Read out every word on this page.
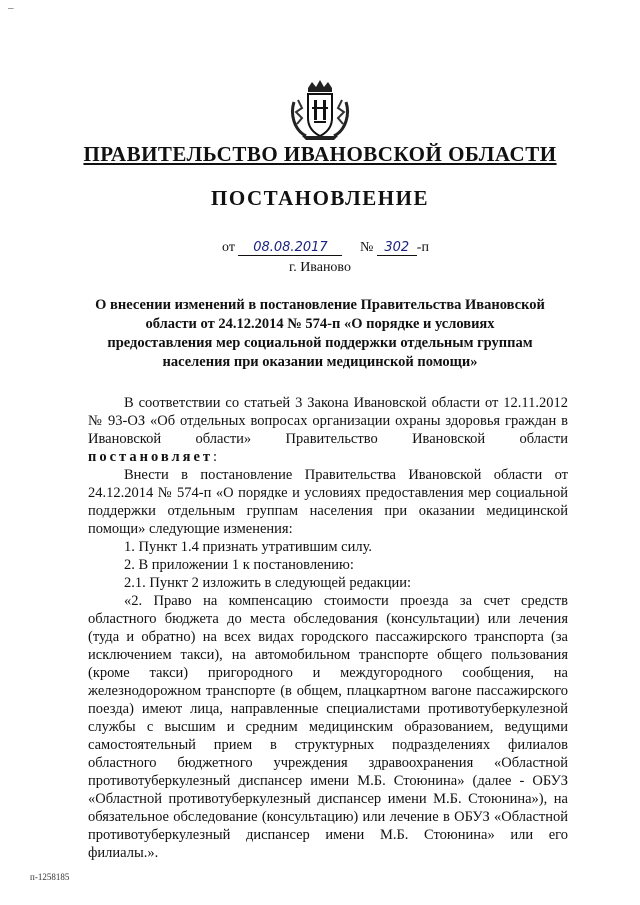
–
ПРАВИТЕЛЬСТВО ИВАНОВСКОЙ ОБЛАСТИ
ПОСТАНОВЛЕНИЕ
от 08.08.2017 № 302 -п
г. Иваново
О внесении изменений в постановление Правительства Ивановской области от 24.12.2014 № 574-п «О порядке и условиях предоставления мер социальной поддержки отдельным группам населения при оказании медицинской помощи»

В соответствии со статьей 3 Закона Ивановской области от 12.11.2012 № 93-ОЗ «Об отдельных вопросах организации охраны здоровья граждан в Ивановской области» Правительство Ивановской области постановляет:

Внести в постановление Правительства Ивановской области от 24.12.2014 № 574-п «О порядке и условиях предоставления мер социальной поддержки отдельным группам населения при оказании медицинской помощи» следующие изменения:

1. Пункт 1.4 признать утратившим силу.

2. В приложении 1 к постановлению:

2.1. Пункт 2 изложить в следующей редакции:

«2. Право на компенсацию стоимости проезда за счет средств областного бюджета до места обследования (консультации) или лечения (туда и обратно) на всех видах городского пассажирского транспорта (за исключением такси), на автомобильном транспорте общего пользования (кроме такси) пригородного и междугородного сообщения, на железнодорожном транспорте (в общем, плацкартном вагоне пассажирского поезда) имеют лица, направленные специалистами противотуберкулезной службы с высшим и средним медицинским образованием, ведущими самостоятельный прием в структурных подразделениях филиалов областного бюджетного учреждения здравоохранения «Областной противотуберкулезный диспансер имени М.Б. Стоюнина» (далее - ОБУЗ «Областной противотуберкулезный диспансер имени М.Б. Стоюнина»), на обязательное обследование (консультацию) или лечение в ОБУЗ «Областной противотуберкулезный диспансер имени М.Б. Стоюнина» или его филиалы.».

п-1258185
